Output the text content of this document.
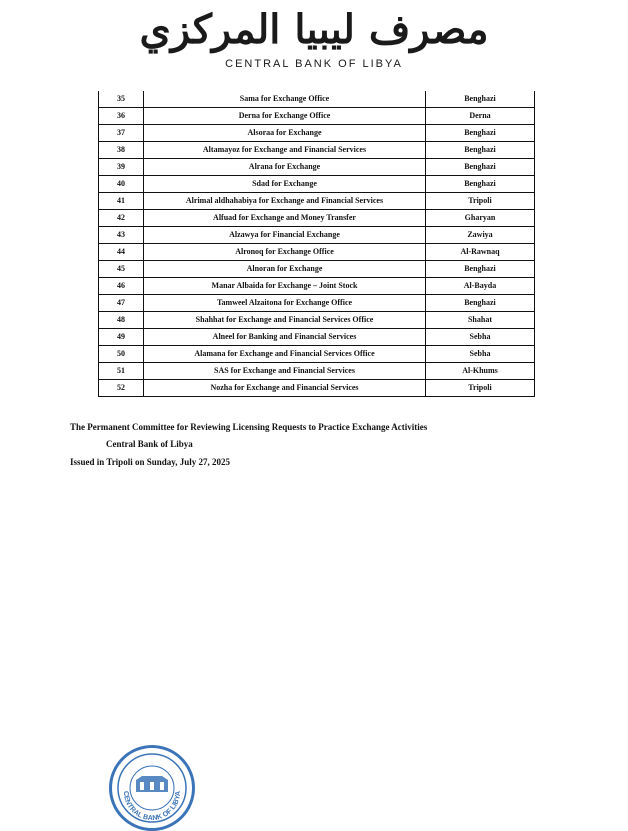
مصرف ليبيا المركزي
CENTRAL BANK OF LIBYA
35	Sama for Exchange Office	Benghazi
36	Derna for Exchange Office	Derna
37	Alsoraa for Exchange	Benghazi
38	Altamayoz for Exchange and Financial Services	Benghazi
39	Alrana for Exchange	Benghazi
40	Sdad for Exchange	Benghazi
41	Alrimal aldhahabiya for Exchange and Financial Services	Tripoli
42	Alfuad for Exchange and Money Transfer	Gharyan
43	Alzawya for Financial Exchange	Zawiya
44	Alronoq for Exchange Office	Al-Rawnaq
45	Alnoran for Exchange	Benghazi
46	Manar Albaida for Exchange – Joint Stock	Al-Bayda
47	Tamweel Alzaitona for Exchange Office	Benghazi
48	Shahhat for Exchange and Financial Services Office	Shahat
49	Alneel for Banking and Financial Services	Sebha
50	Alamana for Exchange and Financial Services Office	Sebha
51	SAS for Exchange and Financial Services	Al-Khums
52	Nozha for Exchange and Financial Services	Tripoli
The Permanent Committee for Reviewing Licensing Requests to Practice Exchange Activities
Central Bank of Libya
Issued in Tripoli on Sunday, July 27, 2025
CENTRAL BANK OF LIBYA
